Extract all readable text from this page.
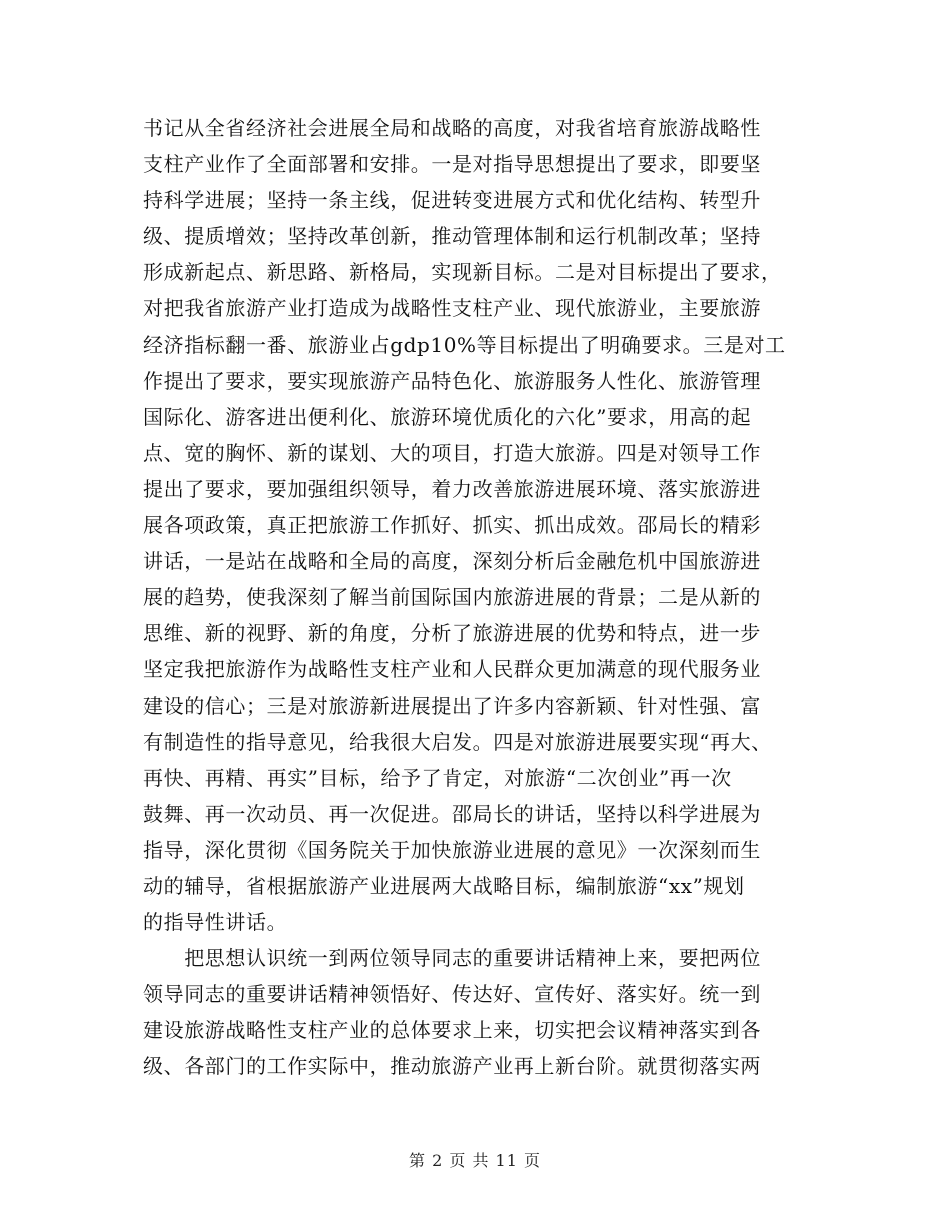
书记从全省经济社会进展全局和战略的高度，对我省培育旅游战略性
支柱产业作了全面部署和安排。一是对指导思想提出了要求，即要坚
持科学进展；坚持一条主线，促进转变进展方式和优化结构、转型升
级、提质增效；坚持改革创新，推动管理体制和运行机制改革；坚持
形成新起点、新思路、新格局，实现新目标。二是对目标提出了要求，
对把我省旅游产业打造成为战略性支柱产业、现代旅游业，主要旅游
经济指标翻一番、旅游业占gdp10%等目标提出了明确要求。三是对工
作提出了要求，要实现旅游产品特色化、旅游服务人性化、旅游管理
国际化、游客进出便利化、旅游环境优质化的六化”要求，用高的起
点、宽的胸怀、新的谋划、大的项目，打造大旅游。四是对领导工作
提出了要求，要加强组织领导，着力改善旅游进展环境、落实旅游进
展各项政策，真正把旅游工作抓好、抓实、抓出成效。邵局长的精彩
讲话，一是站在战略和全局的高度，深刻分析后金融危机中国旅游进
展的趋势，使我深刻了解当前国际国内旅游进展的背景；二是从新的
思维、新的视野、新的角度，分析了旅游进展的优势和特点，进一步
坚定我把旅游作为战略性支柱产业和人民群众更加满意的现代服务业
建设的信心；三是对旅游新进展提出了许多内容新颖、针对性强、富
有制造性的指导意见，给我很大启发。四是对旅游进展要实现“再大、
再快、再精、再实”目标，给予了肯定，对旅游“二次创业”再一次
鼓舞、再一次动员、再一次促进。邵局长的讲话，坚持以科学进展为
指导，深化贯彻《国务院关于加快旅游业进展的意见》一次深刻而生
动的辅导，省根据旅游产业进展两大战略目标，编制旅游“xx”规划
的指导性讲话。
　　把思想认识统一到两位领导同志的重要讲话精神上来，要把两位
领导同志的重要讲话精神领悟好、传达好、宣传好、落实好。统一到
建设旅游战略性支柱产业的总体要求上来，切实把会议精神落实到各
级、各部门的工作实际中，推动旅游产业再上新台阶。就贯彻落实两
第 2 页 共 11 页
